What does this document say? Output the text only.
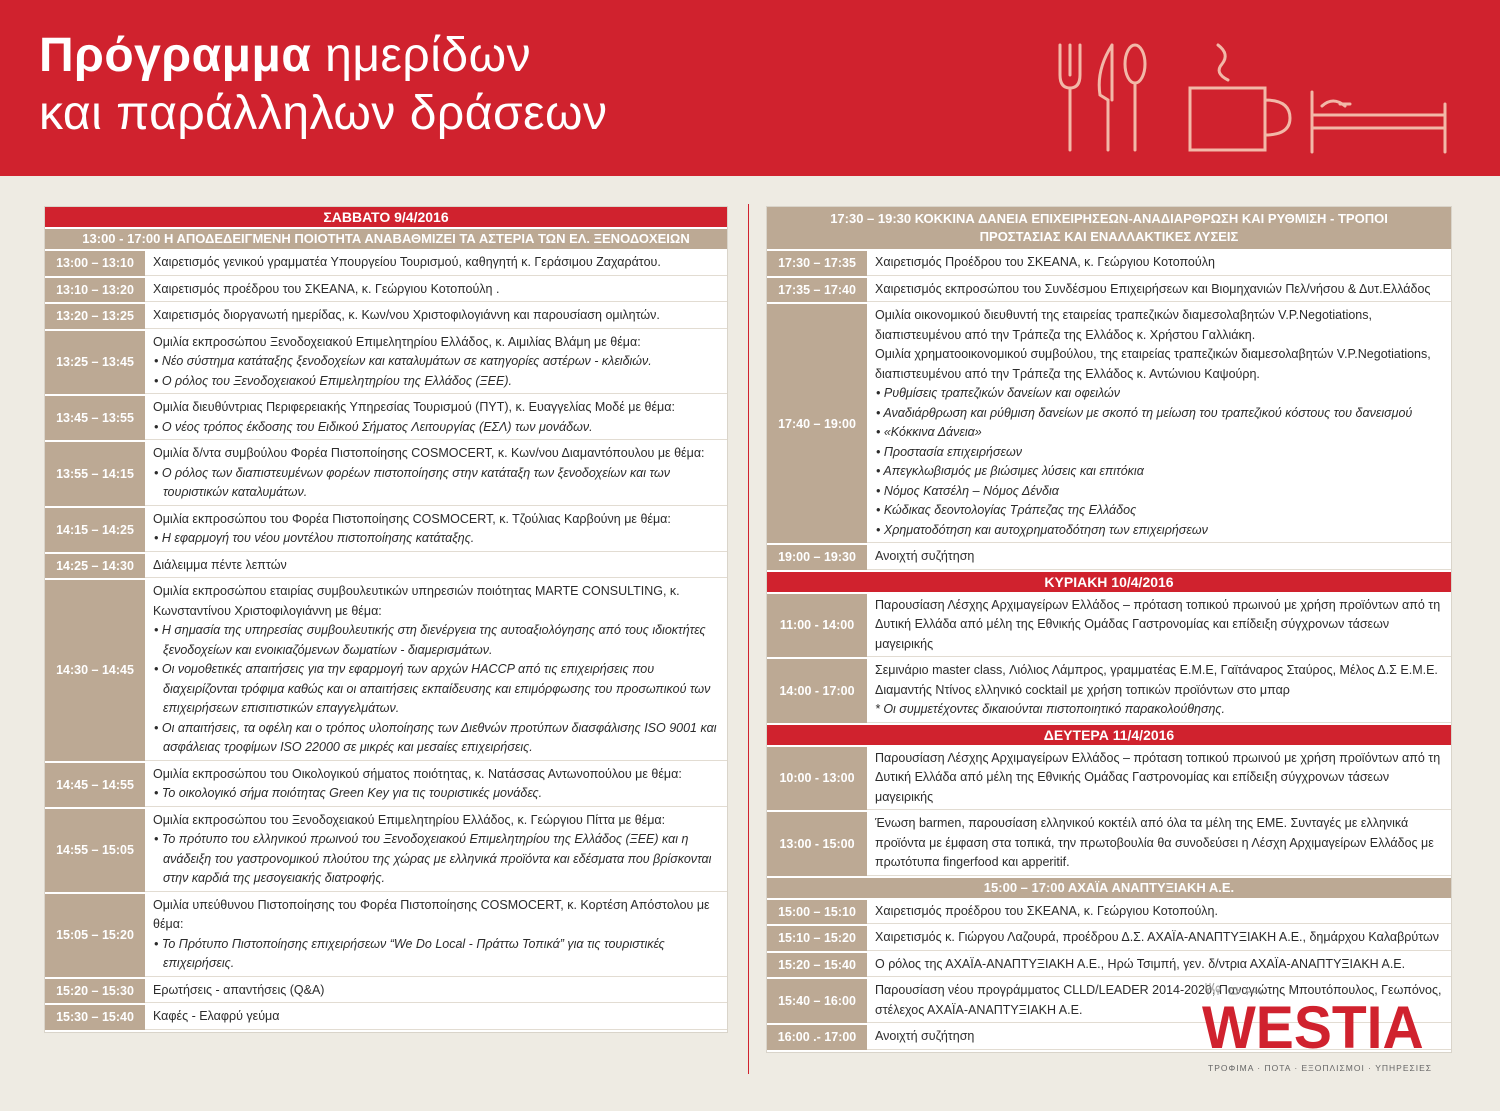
Πρόγραμμα ημερίδων
και παράλληλων δράσεων
ΣΑΒΒΑΤΟ 9/4/2016
13:00 - 17:00 Η ΑΠΟΔΕΔΕΙΓΜΕΝΗ ΠΟΙΟΤΗΤΑ ΑΝΑΒΑΘΜΙΖΕΙ ΤΑ ΑΣΤΕΡΙΑ ΤΩΝ ΕΛ. ΞΕΝΟΔΟΧΕΙΩΝ
13:00 – 13:10	Χαιρετισμός γενικού γραμματέα Υπουργείου Τουρισμού, καθηγητή κ. Γεράσιμου Ζαχαράτου.
13:10 – 13:20	Χαιρετισμός προέδρου του ΣΚΕΑΝΑ, κ. Γεώργιου Κοτοπούλη .
13:20 – 13:25	Χαιρετισμός διοργανωτή ημερίδας, κ. Κων/νου Χριστοφιλογιάννη και παρουσίαση ομιλητών.
13:25 – 13:45
Ομιλία εκπροσώπου Ξενοδοχειακού Επιμελητηρίου Ελλάδος, κ. Αιμιλίας Βλάμη με θέμα:
• Νέο σύστημα κατάταξης ξενοδοχείων και καταλυμάτων σε κατηγορίες αστέρων - κλειδιών.
• Ο ρόλος του Ξενοδοχειακού Επιμελητηρίου της Ελλάδος (ΞΕΕ).
13:45 – 13:55
Ομιλία διευθύντριας Περιφερειακής Υπηρεσίας Τουρισμού (ΠΥΤ), κ. Ευαγγελίας Μοδέ με θέμα:
• Ο νέος τρόπος έκδοσης του Ειδικού Σήματος Λειτουργίας (ΕΣΛ) των μονάδων.
13:55 – 14:15
Ομιλία δ/ντα συμβούλου Φορέα Πιστοποίησης COSMOCERT, κ. Κων/νου Διαμαντόπουλου με θέμα:
• Ο ρόλος των διαπιστευμένων φορέων πιστοποίησης στην κατάταξη των ξενοδοχείων και των τουριστικών καταλυμάτων.
14:15 – 14:25
Ομιλία εκπροσώπου του Φορέα Πιστοποίησης COSMOCERT, κ. Τζούλιας Καρβούνη με θέμα:
• Η εφαρμογή του νέου μοντέλου πιστοποίησης κατάταξης.
14:25 – 14:30	Διάλειμμα πέντε λεπτών
14:30 – 14:45
Ομιλία εκπροσώπου εταιρίας συμβουλευτικών υπηρεσιών ποιότητας MARTE CONSULTING, κ. Κωνσταντίνου Χριστοφιλογιάννη με θέμα:
• Η σημασία της υπηρεσίας συμβουλευτικής στη διενέργεια της αυτοαξιολόγησης από τους ιδιοκτήτες ξενοδοχείων και ενοικιαζόμενων δωματίων - διαμερισμάτων.
• Οι νομοθετικές απαιτήσεις για την εφαρμογή των αρχών HACCP από τις επιχειρήσεις που διαχειρίζονται τρόφιμα καθώς και οι απαιτήσεις εκπαίδευσης και επιμόρφωσης του προσωπικού των επιχειρήσεων επισιτιστικών επαγγελμάτων.
• Οι απαιτήσεις, τα οφέλη και ο τρόπος υλοποίησης των Διεθνών προτύπων διασφάλισης ISO 9001 και ασφάλειας τροφίμων ISO 22000 σε μικρές και μεσαίες επιχειρήσεις.
14:45 – 14:55
Ομιλία εκπροσώπου του Οικολογικού σήματος ποιότητας, κ. Νατάσσας Αντωνοπούλου με θέμα:
• Το οικολογικό σήμα ποιότητας Green Key για τις τουριστικές μονάδες.
14:55 – 15:05
Ομιλία εκπροσώπου του Ξενοδοχειακού Επιμελητηρίου Ελλάδος, κ. Γεώργιου Πίττα με θέμα:
• Το πρότυπο του ελληνικού πρωινού του Ξενοδοχειακού Επιμελητηρίου της Ελλάδος (ΞΕΕ) και η ανάδειξη του γαστρονομικού πλούτου της χώρας με ελληνικά προϊόντα και εδέσματα που βρίσκονται στην καρδιά της μεσογειακής διατροφής.
15:05 – 15:20
Ομιλία υπεύθυνου Πιστοποίησης του Φορέα Πιστοποίησης COSMOCERT, κ. Κορτέση Απόστολου με θέμα:
• Το Πρότυπο Πιστοποίησης επιχειρήσεων “We Do Local - Πράττω Τοπικά” για τις τουριστικές επιχειρήσεις.
15:20 – 15:30	Ερωτήσεις - απαντήσεις (Q&A)
15:30 – 15:40	Καφές - Ελαφρύ γεύμα
17:30 – 19:30 ΚΟΚΚΙΝΑ ΔΑΝΕΙΑ ΕΠΙΧΕΙΡΗΣΕΩΝ-ΑΝΑΔΙΑΡΘΡΩΣΗ ΚΑΙ ΡΥΘΜΙΣΗ - ΤΡΟΠΟΙ ΠΡΟΣΤΑΣΙΑΣ ΚΑΙ ΕΝΑΛΛΑΚΤΙΚΕΣ ΛΥΣΕΙΣ
17:30 – 17:35	Χαιρετισμός Προέδρου του ΣΚΕΑΝΑ, κ. Γεώργιου Κοτοπούλη
17:35 – 17:40	Χαιρετισμός εκπροσώπου του Συνδέσμου Επιχειρήσεων και Βιομηχανιών Πελ/νήσου & Δυτ.Ελλάδος
17:40 – 19:00
Ομιλία οικονομικού διευθυντή της εταιρείας τραπεζικών διαμεσολαβητών V.P.Negotiations, διαπιστευμένου από την Τράπεζα της Ελλάδος κ. Χρήστου Γαλλιάκη.
Ομιλία χρηματοοικονομικού συμβούλου, της εταιρείας τραπεζικών διαμεσολαβητών V.P.Negotiations, διαπιστευμένου από την Τράπεζα της Ελλάδος κ. Αντώνιου Καψούρη.
• Ρυθμίσεις τραπεζικών δανείων και οφειλών
• Αναδιάρθρωση και ρύθμιση δανείων με σκοπό τη μείωση του τραπεζικού κόστους του δανεισμού
• «Κόκκινα Δάνεια»
• Προστασία επιχειρήσεων
• Απεγκλωβισμός με βιώσιμες λύσεις και επιτόκια
• Νόμος Κατσέλη – Νόμος Δένδια
• Κώδικας δεοντολογίας Τράπεζας της Ελλάδος
• Χρηματοδότηση και αυτοχρηματοδότηση των επιχειρήσεων
19:00 – 19:30	Ανοιχτή συζήτηση
ΚΥΡΙΑΚΗ 10/4/2016
11:00 - 14:00
Παρουσίαση Λέσχης Αρχιμαγείρων Ελλάδος – πρόταση τοπικού πρωινού με χρήση προϊόντων από τη Δυτική Ελλάδα από μέλη της Εθνικής Ομάδας Γαστρονομίας και επίδειξη σύγχρονων τάσεων μαγειρικής
14:00 - 17:00
Σεμινάριο master class, Λιόλιος Λάμπρος, γραμματέας Ε.Μ.Ε, Γαϊτάναρος Σταύρος, Μέλος Δ.Σ Ε.Μ.Ε. Διαμαντής Ντίνος ελληνικό cocktail με χρήση τοπικών προϊόντων στο μπαρ
* Οι συμμετέχοντες δικαιούνται πιστοποιητικό παρακολούθησης.
ΔΕΥΤΕΡΑ 11/4/2016
10:00 - 13:00
Παρουσίαση Λέσχης Αρχιμαγείρων Ελλάδος – πρόταση τοπικού πρωινού με χρήση προϊόντων από τη Δυτική Ελλάδα από μέλη της Εθνικής Ομάδας Γαστρονομίας και επίδειξη σύγχρονων τάσεων μαγειρικής
13:00 - 15:00
Ένωση barmen, παρουσίαση ελληνικού κοκτέιλ από όλα τα μέλη της ΕΜΕ. Συνταγές με ελληνικά προϊόντα με έμφαση στα τοπικά, την πρωτοβουλία θα συνοδεύσει η Λέσχη Αρχιμαγείρων Ελλάδος με πρωτότυπα fingerfood και apperitif.
15:00 – 17:00 ΑΧΑΪΑ ΑΝΑΠΤΥΞΙΑΚΗ Α.Ε.
15:00 – 15:10	Χαιρετισμός προέδρου του ΣΚΕΑΝΑ, κ. Γεώργιου Κοτοπούλη.
15:10 – 15:20	Χαιρετισμός κ. Γιώργου Λαζουρά, προέδρου Δ.Σ. ΑΧΑΪΑ-ΑΝΑΠΤΥΞΙΑΚΗ Α.Ε., δημάρχου Καλαβρύτων
15:20 – 15:40	Ο ρόλος της ΑΧΑΪΑ-ΑΝΑΠΤΥΞΙΑΚΗ Α.Ε., Ηρώ Τσιμπή, γεν. δ/ντρια ΑΧΑΪΑ-ΑΝΑΠΤΥΞΙΑΚΗ Α.Ε.
15:40 – 16:00
Παρουσίαση νέου προγράμματος CLLD/LEADER 2014-2020, Παναγιώτης Μπουτόπουλος, Γεωπόνος, στέλεχος ΑΧΑΪΑ-ΑΝΑΠΤΥΞΙΑΚΗ Α.Ε.
16:00 .- 17:00	Ανοιχτή συζήτηση	WESTIA
ΤΡΟΦΙΜΑ · ΠΟΤΑ · ΕΞΟΠΛΙΣΜΟΙ · ΥΠΗΡΕΣΙΕΣ
